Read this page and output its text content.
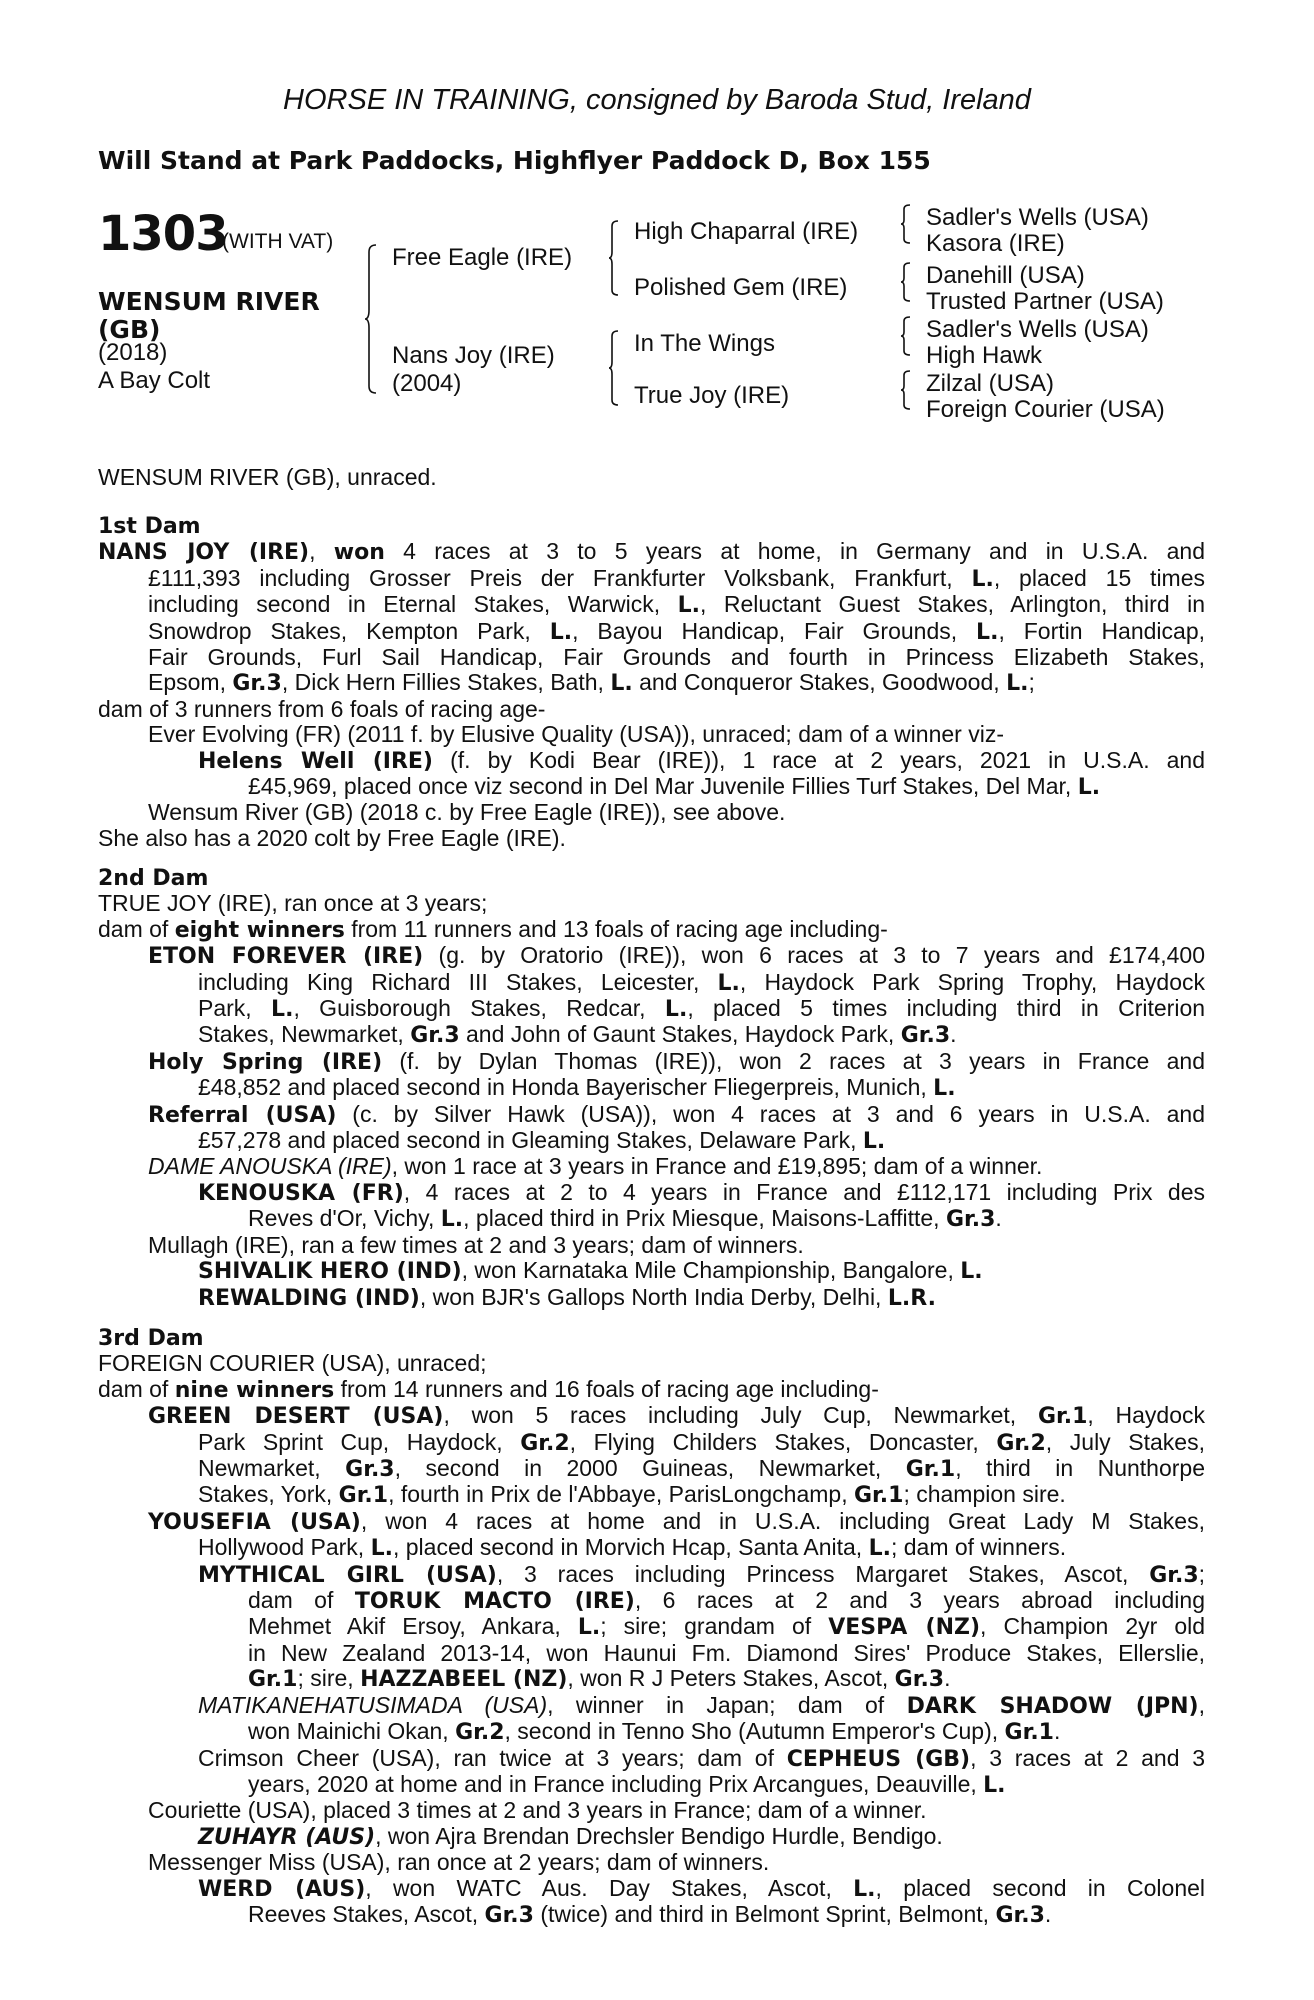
HORSE IN TRAINING, consigned by Baroda Stud, Ireland
Will Stand at Park Paddocks, Highflyer Paddock D, Box 155
1303
(WITH VAT)
WENSUM RIVER
(GB)
(2018)
A Bay Colt
Free Eagle (IRE)
Nans Joy (IRE)
(2004)
High Chaparral (IRE)
Polished Gem (IRE)
In The Wings
True Joy (IRE)
Sadler's Wells (USA)
Kasora (IRE)
Danehill (USA)
Trusted Partner (USA)
Sadler's Wells (USA)
High Hawk
Zilzal (USA)
Foreign Courier (USA)
WENSUM RIVER (GB), unraced.
1st Dam
NANS JOY (IRE), won 4 races at 3 to 5 years at home, in Germany and in U.S.A. and
£111,393 including Grosser Preis der Frankfurter Volksbank, Frankfurt, L., placed 15 times
including second in Eternal Stakes, Warwick, L., Reluctant Guest Stakes, Arlington, third in
Snowdrop Stakes, Kempton Park, L., Bayou Handicap, Fair Grounds, L., Fortin Handicap,
Fair Grounds, Furl Sail Handicap, Fair Grounds and fourth in Princess Elizabeth Stakes,
Epsom, Gr.3, Dick Hern Fillies Stakes, Bath, L. and Conqueror Stakes, Goodwood, L.;
dam of 3 runners from 6 foals of racing age-
Ever Evolving (FR) (2011 f. by Elusive Quality (USA)), unraced; dam of a winner viz-
Helens Well (IRE) (f. by Kodi Bear (IRE)), 1 race at 2 years, 2021 in U.S.A. and
£45,969, placed once viz second in Del Mar Juvenile Fillies Turf Stakes, Del Mar, L.
Wensum River (GB) (2018 c. by Free Eagle (IRE)), see above.
She also has a 2020 colt by Free Eagle (IRE).
2nd Dam
TRUE JOY (IRE), ran once at 3 years;
dam of eight winners from 11 runners and 13 foals of racing age including-
ETON FOREVER (IRE) (g. by Oratorio (IRE)), won 6 races at 3 to 7 years and £174,400
including King Richard III Stakes, Leicester, L., Haydock Park Spring Trophy, Haydock
Park, L., Guisborough Stakes, Redcar, L., placed 5 times including third in Criterion
Stakes, Newmarket, Gr.3 and John of Gaunt Stakes, Haydock Park, Gr.3.
Holy Spring (IRE) (f. by Dylan Thomas (IRE)), won 2 races at 3 years in France and
£48,852 and placed second in Honda Bayerischer Fliegerpreis, Munich, L.
Referral (USA) (c. by Silver Hawk (USA)), won 4 races at 3 and 6 years in U.S.A. and
£57,278 and placed second in Gleaming Stakes, Delaware Park, L.
DAME ANOUSKA (IRE), won 1 race at 3 years in France and £19,895; dam of a winner.
KENOUSKA (FR), 4 races at 2 to 4 years in France and £112,171 including Prix des
Reves d'Or, Vichy, L., placed third in Prix Miesque, Maisons-Laffitte, Gr.3.
Mullagh (IRE), ran a few times at 2 and 3 years; dam of winners.
SHIVALIK HERO (IND), won Karnataka Mile Championship, Bangalore, L.
REWALDING (IND), won BJR's Gallops North India Derby, Delhi, L.R.
3rd Dam
FOREIGN COURIER (USA), unraced;
dam of nine winners from 14 runners and 16 foals of racing age including-
GREEN DESERT (USA), won 5 races including July Cup, Newmarket, Gr.1, Haydock
Park Sprint Cup, Haydock, Gr.2, Flying Childers Stakes, Doncaster, Gr.2, July Stakes,
Newmarket, Gr.3, second in 2000 Guineas, Newmarket, Gr.1, third in Nunthorpe
Stakes, York, Gr.1, fourth in Prix de l'Abbaye, ParisLongchamp, Gr.1; champion sire.
YOUSEFIA (USA), won 4 races at home and in U.S.A. including Great Lady M Stakes,
Hollywood Park, L., placed second in Morvich Hcap, Santa Anita, L.; dam of winners.
MYTHICAL GIRL (USA), 3 races including Princess Margaret Stakes, Ascot, Gr.3;
dam of TORUK MACTO (IRE), 6 races at 2 and 3 years abroad including
Mehmet Akif Ersoy, Ankara, L.; sire; grandam of VESPA (NZ), Champion 2yr old
in New Zealand 2013-14, won Haunui Fm. Diamond Sires' Produce Stakes, Ellerslie,
Gr.1; sire, HAZZABEEL (NZ), won R J Peters Stakes, Ascot, Gr.3.
MATIKANEHATUSIMADA (USA), winner in Japan; dam of DARK SHADOW (JPN),
won Mainichi Okan, Gr.2, second in Tenno Sho (Autumn Emperor's Cup), Gr.1.
Crimson Cheer (USA), ran twice at 3 years; dam of CEPHEUS (GB), 3 races at 2 and 3
years, 2020 at home and in France including Prix Arcangues, Deauville, L.
Couriette (USA), placed 3 times at 2 and 3 years in France; dam of a winner.
ZUHAYR (AUS), won Ajra Brendan Drechsler Bendigo Hurdle, Bendigo.
Messenger Miss (USA), ran once at 2 years; dam of winners.
WERD (AUS), won WATC Aus. Day Stakes, Ascot, L., placed second in Colonel
Reeves Stakes, Ascot, Gr.3 (twice) and third in Belmont Sprint, Belmont, Gr.3.
